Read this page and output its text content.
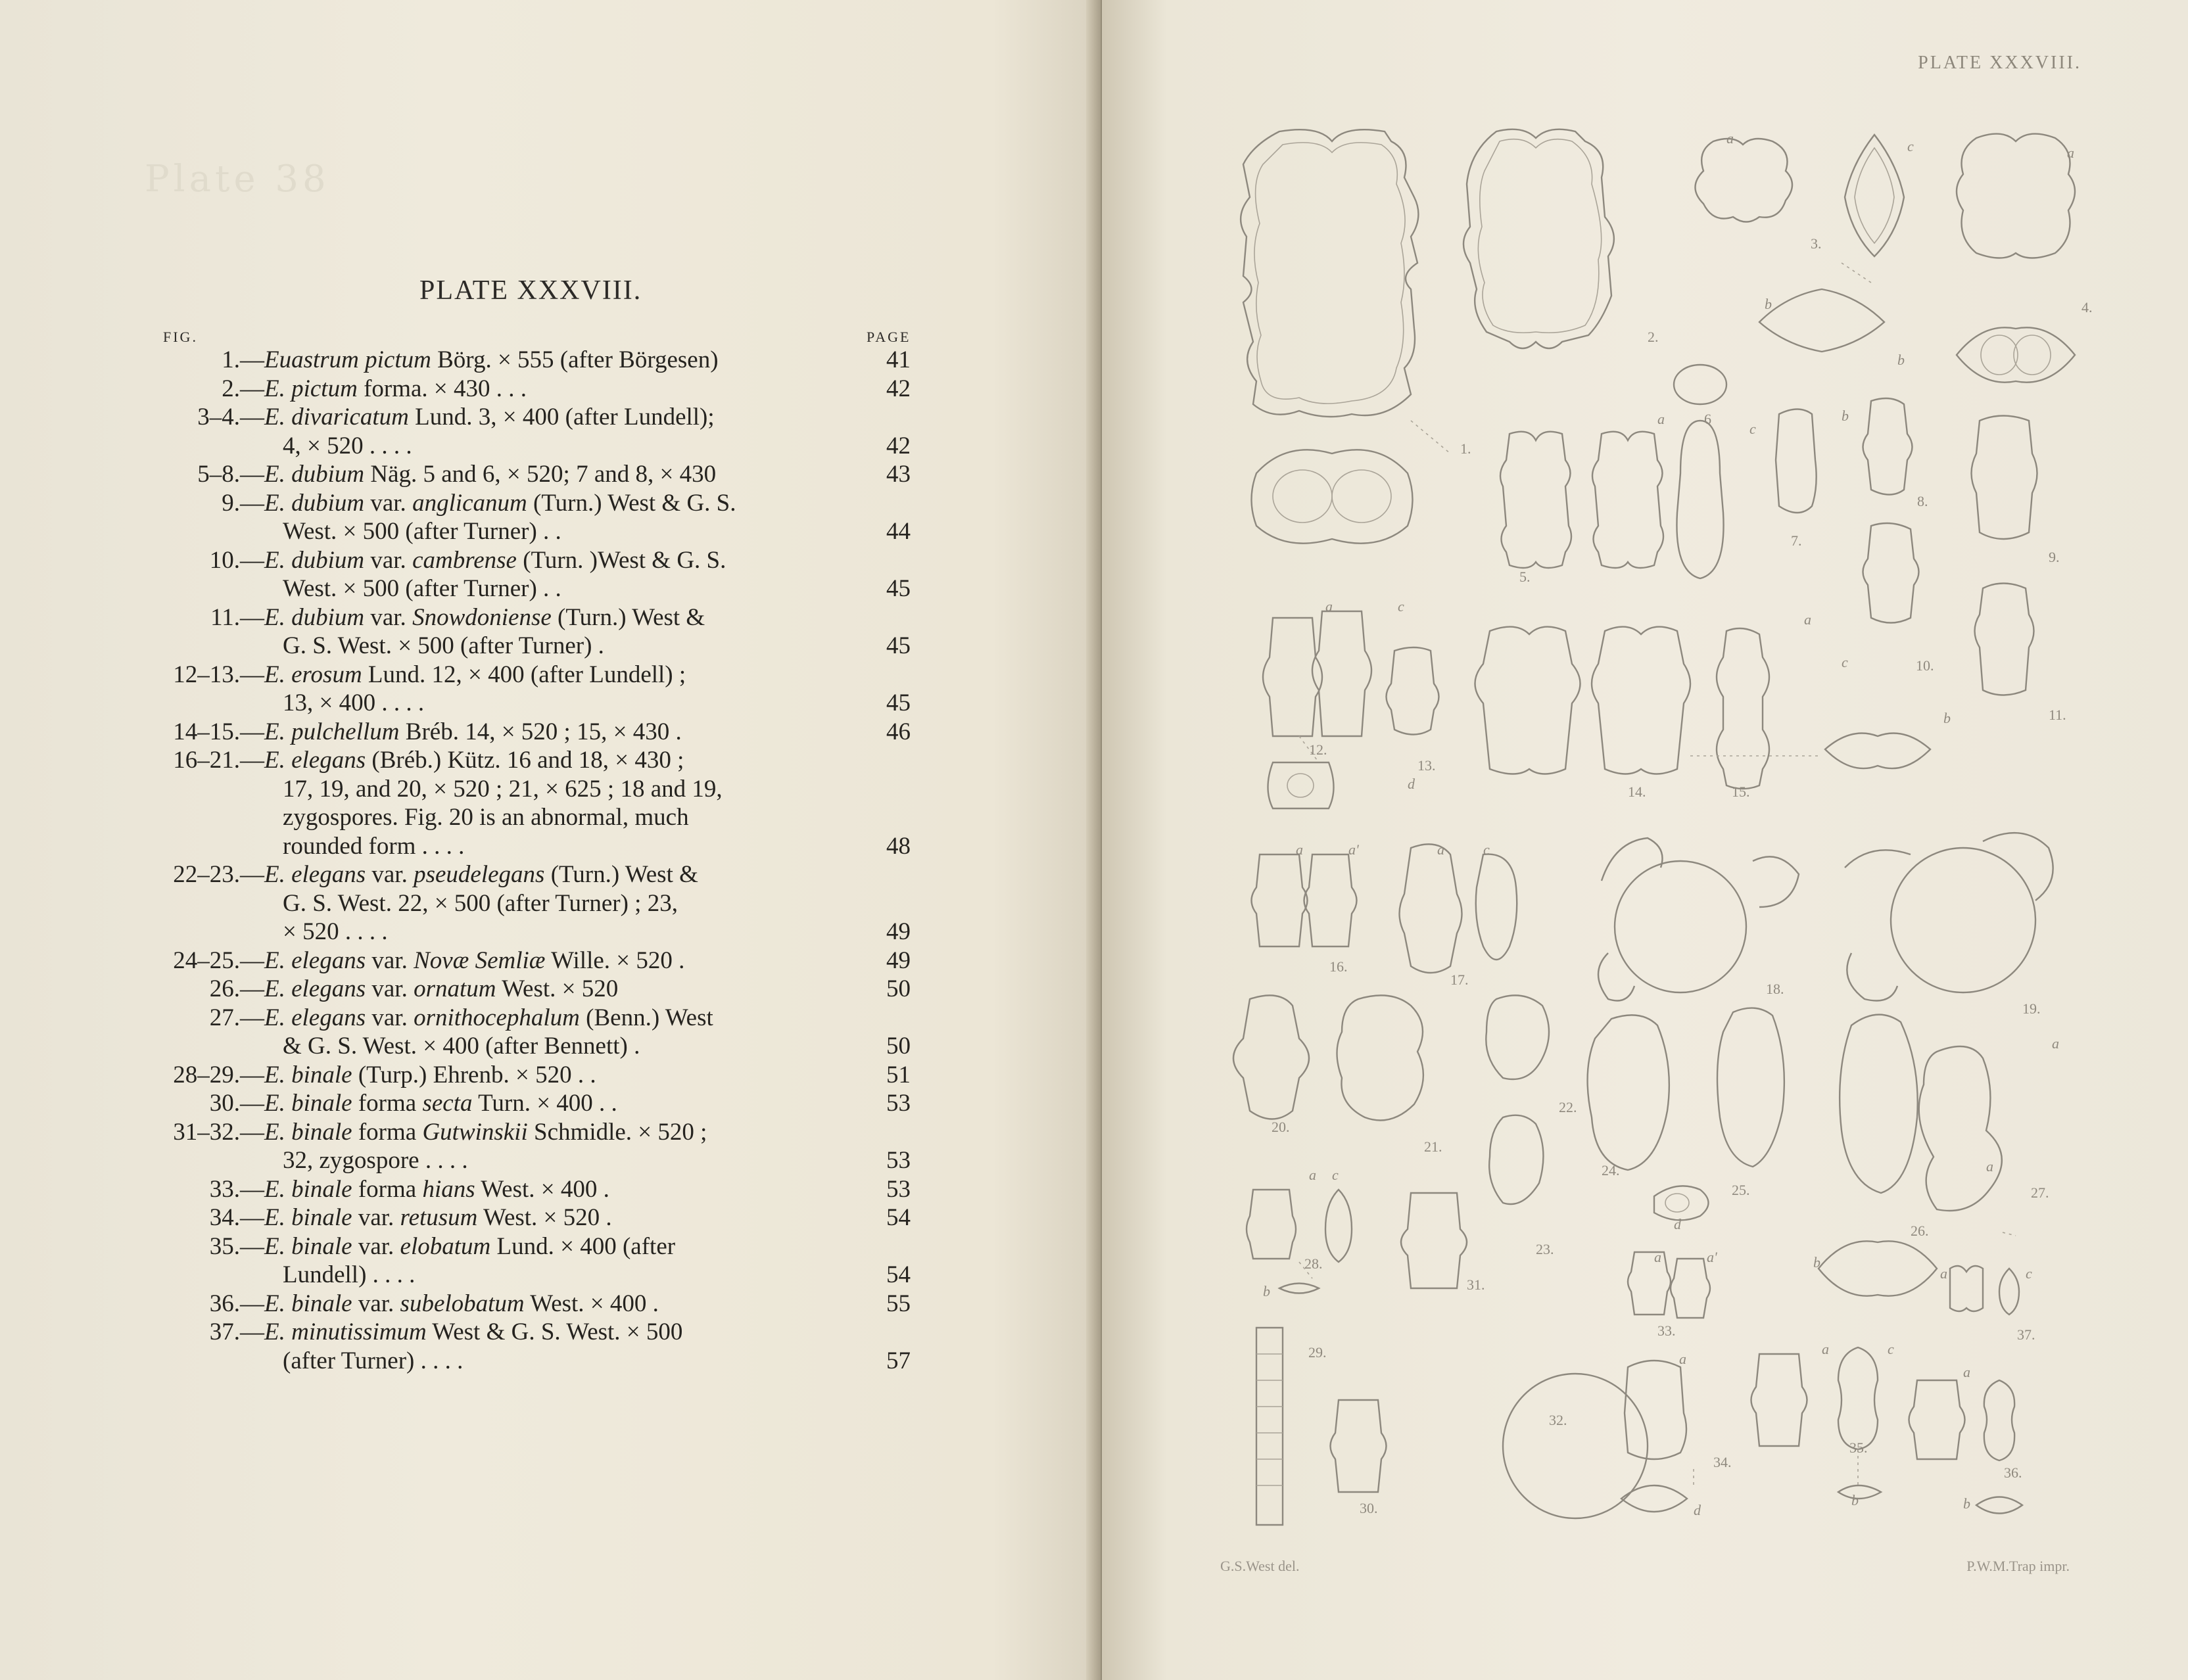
Plate 38
PLATE XXXVIII.
FIG.	PAGE
1.— Euastrum pictum Börg. × 555 (after Börgesen)	41
2.— E. pictum forma. × 430 . . .	42
3–4.— E. divaricatum Lund. 3, × 400 (after Lundell);
4, × 520 . . . .	42
5–8.— E. dubium Näg. 5 and 6, × 520; 7 and 8, × 430	43
9.— E. dubium var. anglicanum (Turn.) West & G. S.
West. × 500 (after Turner) . .	44
10.— E. dubium var. cambrense (Turn. )West & G. S.
West. × 500 (after Turner) . .	45
11.— E. dubium var. Snowdoniense (Turn.) West &
G. S. West. × 500 (after Turner) .	45
12–13.— E. erosum Lund. 12, × 400 (after Lundell) ;
13, × 400 . . . .	45
14–15.— E. pulchellum Bréb. 14, × 520 ; 15, × 430 .	46
16–21.— E. elegans (Bréb.) Kütz. 16 and 18, × 430 ;
17, 19, and 20, × 520 ; 21, × 625 ; 18 and 19,
zygospores. Fig. 20 is an abnormal, much
rounded form . . . .	48
22–23.— E. elegans var. pseudelegans (Turn.) West &
G. S. West. 22, × 500 (after Turner) ; 23,
× 520 . . . .	49
24–25.— E. elegans var. Novæ Semliæ Wille. × 520 .	49
26.— E. elegans var. ornatum West. × 520	50
27.— E. elegans var. ornithocephalum (Benn.) West
& G. S. West. × 400 (after Bennett) .	50
28–29.— E. binale (Turp.) Ehrenb. × 520 . .	51
30.— E. binale forma secta Turn. × 400 . .	53
31–32.— E. binale forma Gutwinskii Schmidle. × 520 ;
32, zygospore . . . .	53
33.— E. binale forma hians West. × 400 .	53
34.— E. binale var. retusum West. × 520 .	54
35.— E. binale var. elobatum Lund. × 400 (after
Lundell) . . . .	54
36.— E. binale var. subelobatum West. × 400 .	55
37.— E. minutissimum West & G. S. West. × 500
(after Turner) . . . .	57
PLATE XXXVIII.
1.
2.
3.
4.
5.
6
7.
8.
9.
10.
11.
12.
13.
14.	15.
16.
17.
18.
19.
20.
21.
22.
23.
24.
25.
26.
27.
28.
29.
30.
31.
32.
33.
34.
35.
36.
37.
b
a	c
b
a
b
a
c
a	c
d
c
b
a
a	a'	a	c
a
a
d
b
a c
b
a	a'
a
d
a	c
b
a
b
a	c
G.S.West del.	P.W.M.Trap impr.
